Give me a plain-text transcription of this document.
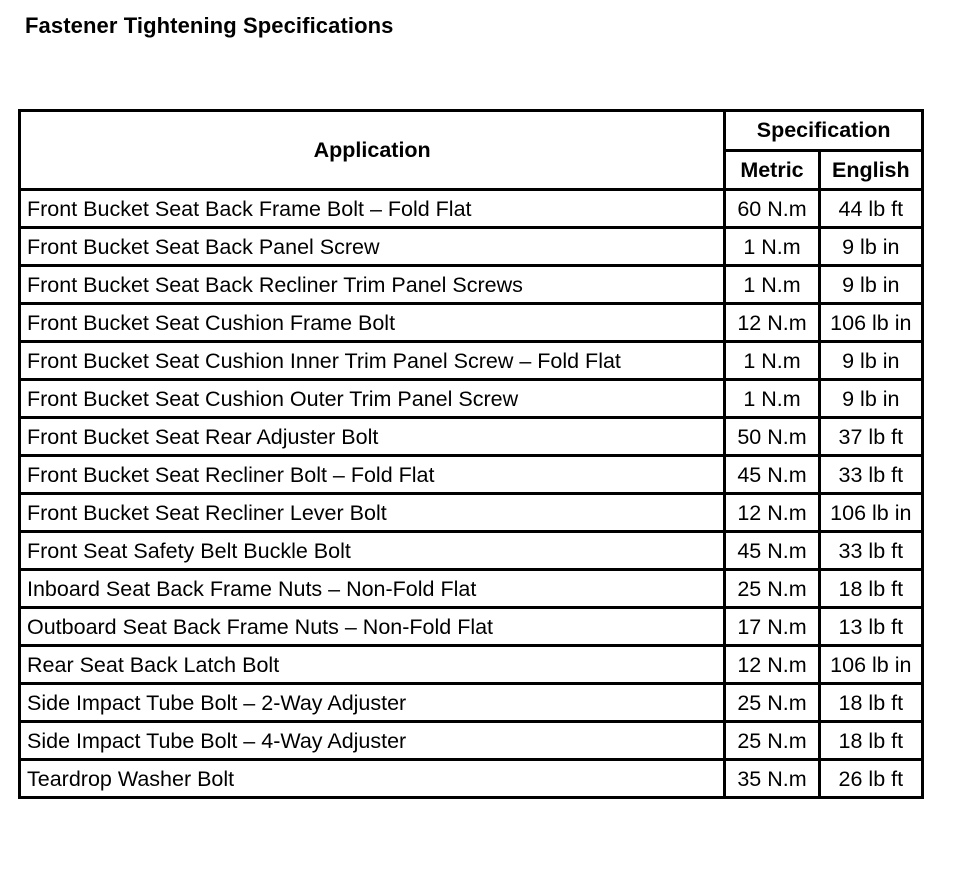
Fastener Tightening Specifications
Application	Specification	
	Metric	English
Front Bucket Seat Back Frame Bolt – Fold Flat	60 N.m	44 lb ft
Front Bucket Seat Back Panel Screw	1 N.m	9 lb in
Front Bucket Seat Back Recliner Trim Panel Screws	1 N.m	9 lb in
Front Bucket Seat Cushion Frame Bolt	12 N.m	106 lb in
Front Bucket Seat Cushion Inner Trim Panel Screw – Fold Flat	1 N.m	9 lb in
Front Bucket Seat Cushion Outer Trim Panel Screw	1 N.m	9 lb in
Front Bucket Seat Rear Adjuster Bolt	50 N.m	37 lb ft
Front Bucket Seat Recliner Bolt – Fold Flat	45 N.m	33 lb ft
Front Bucket Seat Recliner Lever Bolt	12 N.m	106 lb in
Front Seat Safety Belt Buckle Bolt	45 N.m	33 lb ft
Inboard Seat Back Frame Nuts – Non-Fold Flat	25 N.m	18 lb ft
Outboard Seat Back Frame Nuts – Non-Fold Flat	17 N.m	13 lb ft
Rear Seat Back Latch Bolt	12 N.m	106 lb in
Side Impact Tube Bolt – 2-Way Adjuster	25 N.m	18 lb ft
Side Impact Tube Bolt – 4-Way Adjuster	25 N.m	18 lb ft
Teardrop Washer Bolt	35 N.m	26 lb ft
